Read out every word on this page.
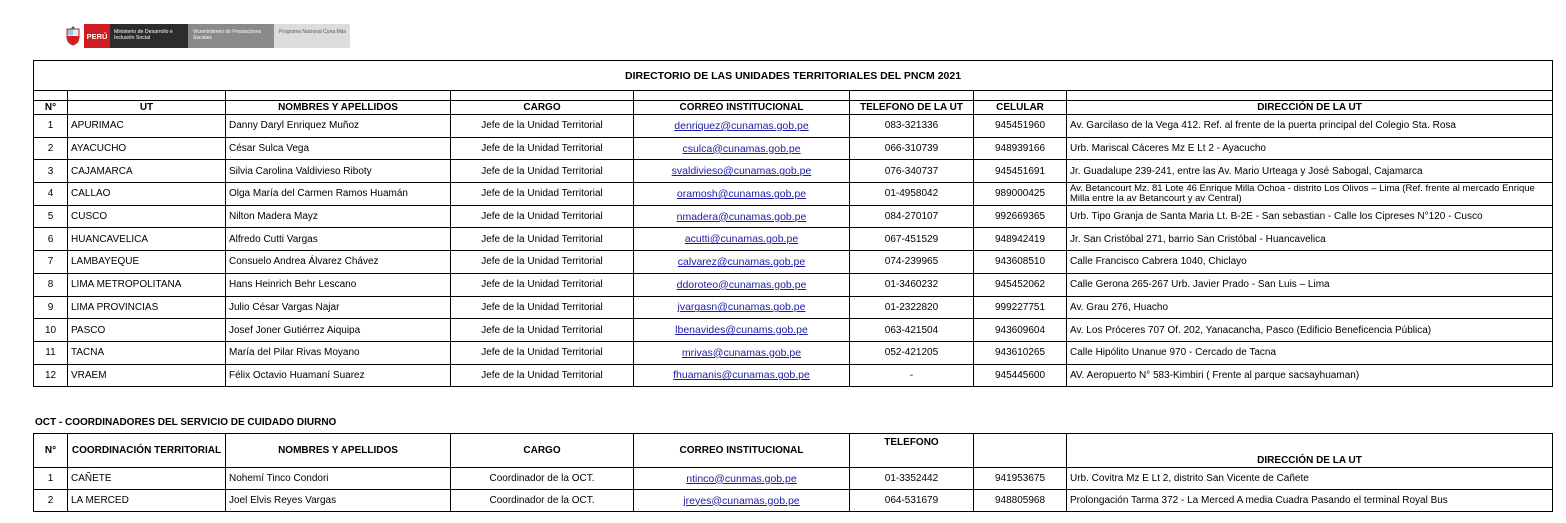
PERÚ	Ministerio de Desarrollo e Inclusión Social
Viceministerio de Prestaciones Sociales
Programa Nacional Cuna Más
DIRECTORIO DE LAS UNIDADES TERRITORIALES DEL PNCM 2021							

N°	UT	NOMBRES Y APELLIDOS	CARGO	CORREO INSTITUCIONAL	TELEFONO DE LA UT	CELULAR	DIRECCIÓN DE LA UT
1	APURIMAC	Danny Daryl Enriquez Muñoz	Jefe de la Unidad Territorial	denriquez@cunamas.gob.pe	083-321336	945451960	Av. Garcilaso de la Vega 412. Ref. al frente de la puerta principal del Colegio Sta. Rosa
2	AYACUCHO	César Sulca Vega	Jefe de la Unidad Territorial	csulca@cunamas.gob.pe	066-310739	948939166	Urb. Mariscal Cáceres Mz E Lt 2 - Ayacucho
3	CAJAMARCA	Silvia Carolina Valdivieso Riboty	Jefe de la Unidad Territorial	svaldivieso@cunamas.gob.pe	076-340737	945451691	Jr. Guadalupe 239-241, entre las Av. Mario Urteaga y José Sabogal, Cajamarca
4	CALLAO	Olga María del Carmen Ramos Huamán	Jefe de la Unidad Territorial	oramosh@cunamas.gob.pe	01-4958042	989000425	Av. Betancourt Mz. 81 Lote 46 Enrique Milla Ochoa - distrito Los Olivos – Lima (Ref. frente al mercado Enrique Milla entre la av Betancourt y av Central)
5	CUSCO	Nilton Madera Mayz	Jefe de la Unidad Territorial	nmadera@cunamas.gob.pe	084-270107	992669365	Urb. Tipo Granja de Santa Maria Lt. B-2E - San sebastian - Calle los Cipreses N°120 - Cusco
6	HUANCAVELICA	Alfredo Cutti Vargas	Jefe de la Unidad Territorial	acutti@cunamas.gob.pe	067-451529	948942419	Jr. San Cristóbal 271, barrio San Cristóbal - Huancavelica
7	LAMBAYEQUE	Consuelo Andrea Álvarez Chávez	Jefe de la Unidad Territorial	calvarez@cunamas.gob.pe	074-239965	943608510	Calle Francisco Cabrera 1040, Chiclayo
8	LIMA METROPOLITANA	Hans Heinrich Behr Lescano	Jefe de la Unidad Territorial	ddoroteo@cunamas.gob.pe	01-3460232	945452062	Calle Gerona 265-267 Urb. Javier Prado - San Luis – Lima
9	LIMA PROVINCIAS	Julio César Vargas Najar	Jefe de la Unidad Territorial	jvargasn@cunamas.gob.pe	01-2322820	999227751	Av. Grau 276, Huacho
10	PASCO	Josef Joner Gutiérrez Aiquipa	Jefe de la Unidad Territorial	lbenavides@cunams.gob.pe	063-421504	943609604	Av. Los Próceres 707 Of. 202, Yanacancha, Pasco (Edificio Beneficencia Pública)
11	TACNA	María del Pilar Rivas Moyano	Jefe de la Unidad Territorial	mrivas@cunamas.gob.pe	052-421205	943610265	Calle Hipólito Unanue 970 - Cercado de Tacna
12	VRAEM	Félix Octavio Huamaní Suarez	Jefe de la Unidad Territorial	fhuamanis@cunamas.gob.pe	-	945445600	AV. Aeropuerto N° 583-Kimbiri ( Frente al parque sacsayhuaman)
OCT - COORDINADORES DEL SERVICIO DE CUIDADO DIURNO
N°	COORDINACIÓN TERRITORIAL	NOMBRES Y APELLIDOS	CARGO	CORREO INSTITUCIONAL	TELEFONO		DIRECCIÓN DE LA UT
1	CAÑETE	Nohemí Tinco Condori	Coordinador de la OCT.	ntinco@cunmas.gob.pe	01-3352442	941953675	Urb. Covitra Mz E Lt 2, distrito San Vicente de Cañete
2	LA MERCED	Joel Elvis Reyes Vargas	Coordinador de la OCT.	jreyes@cunamas.gob.pe	064-531679	948805968	Prolongación Tarma 372 - La Merced A media Cuadra Pasando el terminal Royal Bus
